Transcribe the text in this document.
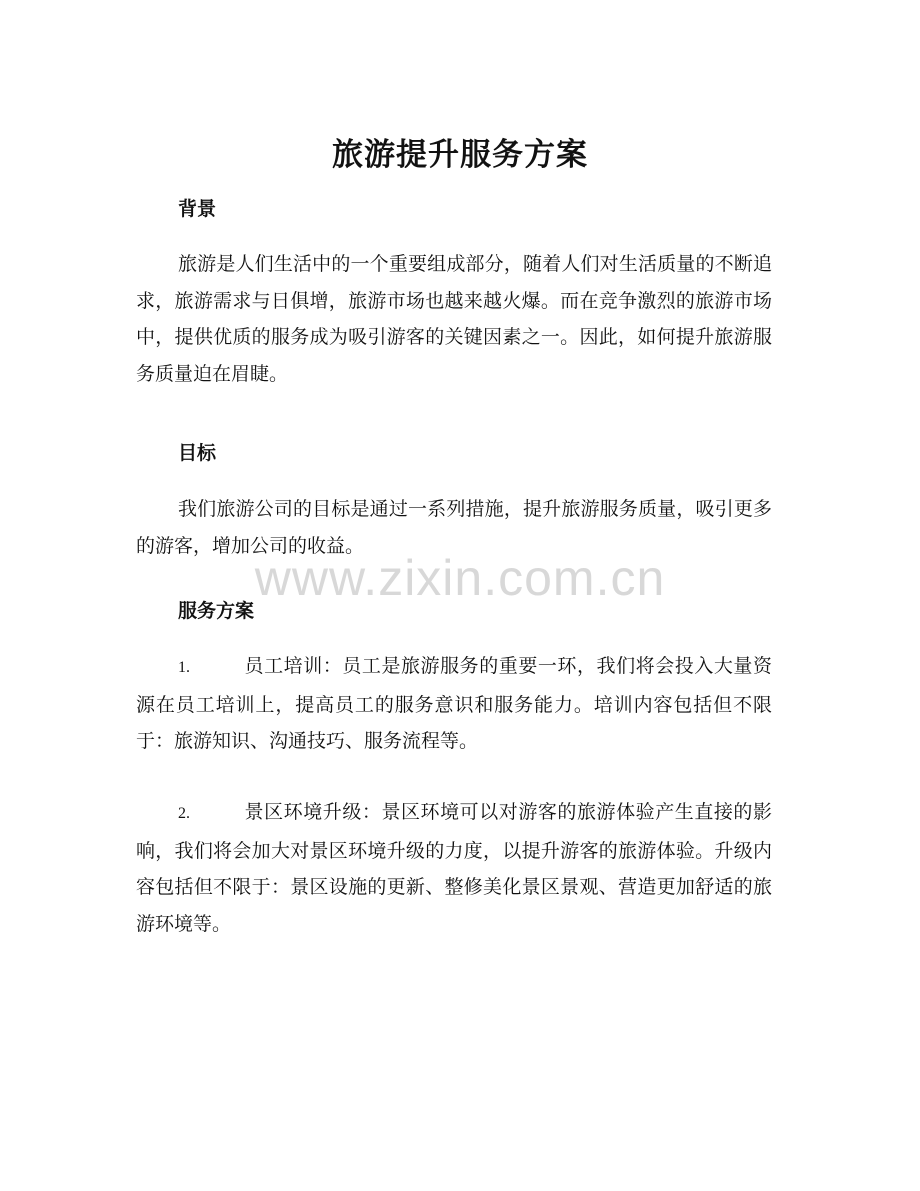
旅游提升服务方案
背景
旅游是人们生活中的一个重要组成部分，随着人们对生活质量的不断追求，旅游需求与日俱增，旅游市场也越来越火爆。而在竞争激烈的旅游市场中，提供优质的服务成为吸引游客的关键因素之一。因此，如何提升旅游服务质量迫在眉睫。
目标
我们旅游公司的目标是通过一系列措施，提升旅游服务质量，吸引更多的游客，增加公司的收益。
服务方案
1.	员工培训：员工是旅游服务的重要一环，我们将会投入大量资源在员工培训上，提高员工的服务意识和服务能力。培训内容包括但不限于：旅游知识、沟通技巧、服务流程等。
2.	景区环境升级：景区环境可以对游客的旅游体验产生直接的影响，我们将会加大对景区环境升级的力度，以提升游客的旅游体验。升级内容包括但不限于：景区设施的更新、整修美化景区景观、营造更加舒适的旅游环境等。
www.zixin.com.cn
